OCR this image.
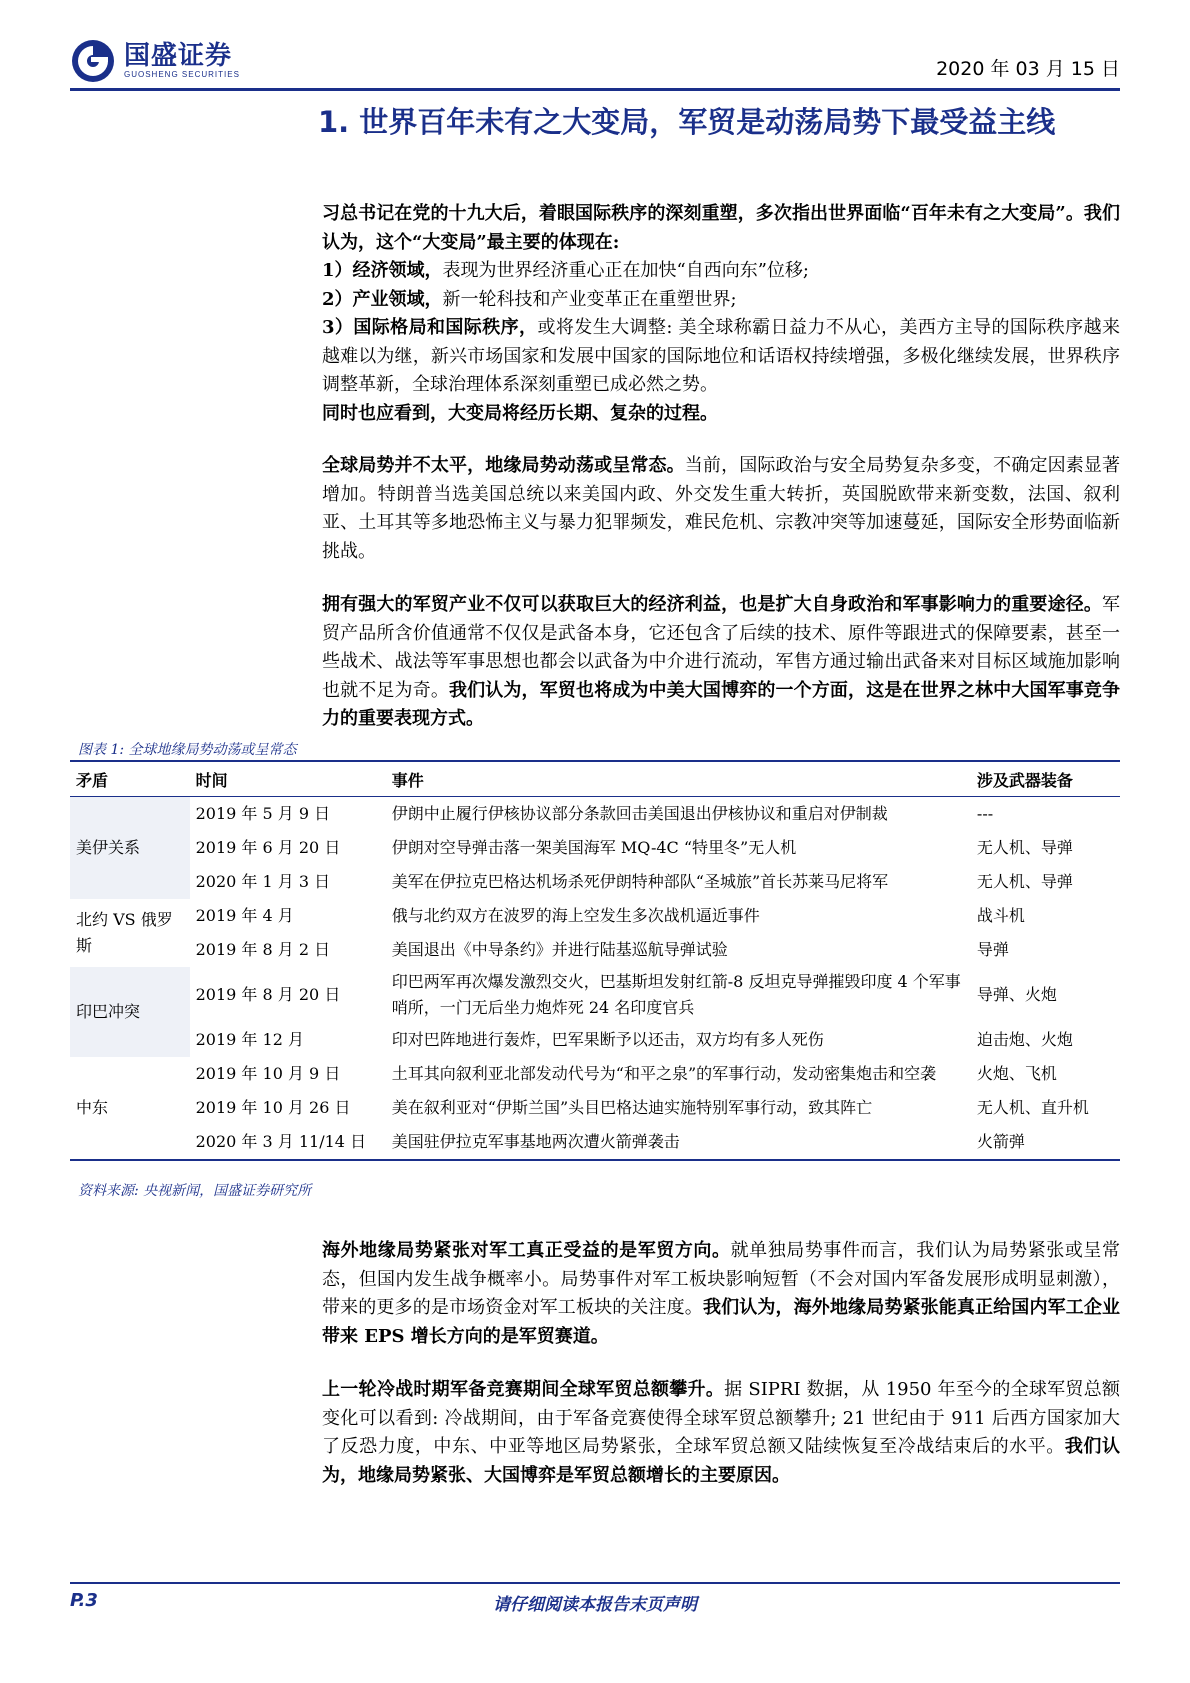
国盛证券
GUOSHENG SECURITIES	2020 年 03 月 15 日
1. 世界百年未有之大变局，军贸是动荡局势下最受益主线

习总书记在党的十九大后，着眼国际秩序的深刻重塑，多次指出世界面临“百年未有之大变局”。我们认为，这个“大变局”最主要的体现在:

1）经济领域，表现为世界经济重心正在加快“自西向东”位移;

2）产业领域，新一轮科技和产业变革正在重塑世界;

3）国际格局和国际秩序，或将发生大调整: 美全球称霸日益力不从心，美西方主导的国际秩序越来越难以为继，新兴市场国家和发展中国家的国际地位和话语权持续增强，多极化继续发展，世界秩序调整革新，全球治理体系深刻重塑已成必然之势。

同时也应看到，大变局将经历长期、复杂的过程。

全球局势并不太平，地缘局势动荡或呈常态。当前，国际政治与安全局势复杂多变，不确定因素显著增加。特朗普当选美国总统以来美国内政、外交发生重大转折，英国脱欧带来新变数，法国、叙利亚、土耳其等多地恐怖主义与暴力犯罪频发，难民危机、宗教冲突等加速蔓延，国际安全形势面临新挑战。

拥有强大的军贸产业不仅可以获取巨大的经济利益，也是扩大自身政治和军事影响力的重要途径。军贸产品所含价值通常不仅仅是武备本身，它还包含了后续的技术、原件等跟进式的保障要素，甚至一些战术、战法等军事思想也都会以武备为中介进行流动，军售方通过输出武备来对目标区域施加影响也就不足为奇。我们认为，军贸也将成为中美大国博弈的一个方面，这是在世界之林中大国军事竞争力的重要表现方式。

图表 1: 全球地缘局势动荡或呈常态
矛盾	时间	事件	涉及武器装备
美伊关系	2019 年 5 月 9 日	伊朗中止履行伊核协议部分条款回击美国退出伊核协议和重启对伊制裁	---
	2019 年 6 月 20 日	伊朗对空导弹击落一架美国海军 MQ-4C “特里冬”无人机	无人机、导弹
	2020 年 1 月 3 日	美军在伊拉克巴格达机场杀死伊朗特种部队“圣城旅”首长苏莱马尼将军	无人机、导弹
北约 VS 俄罗斯	2019 年 4 月	俄与北约双方在波罗的海上空发生多次战机逼近事件	战斗机
	2019 年 8 月 2 日	美国退出《中导条约》并进行陆基巡航导弹试验	导弹
印巴冲突	2019 年 8 月 20 日	印巴两军再次爆发激烈交火，巴基斯坦发射红箭-8 反坦克导弹摧毁印度 4 个军事哨所，一门无后坐力炮炸死 24 名印度官兵	导弹、火炮
	2019 年 12 月	印对巴阵地进行轰炸，巴军果断予以还击，双方均有多人死伤	迫击炮、火炮
中东	2019 年 10 月 9 日	土耳其向叙利亚北部发动代号为“和平之泉”的军事行动，发动密集炮击和空袭	火炮、飞机
	2019 年 10 月 26 日	美在叙利亚对“伊斯兰国”头目巴格达迪实施特别军事行动，致其阵亡	无人机、直升机
	2020 年 3 月 11/14 日	美国驻伊拉克军事基地两次遭火箭弹袭击	火箭弹
资料来源: 央视新闻，国盛证券研究所

海外地缘局势紧张对军工真正受益的是军贸方向。就单独局势事件而言，我们认为局势紧张或呈常态，但国内发生战争概率小。局势事件对军工板块影响短暂（不会对国内军备发展形成明显刺激），带来的更多的是市场资金对军工板块的关注度。我们认为，海外地缘局势紧张能真正给国内军工企业带来 EPS 增长方向的是军贸赛道。

上一轮冷战时期军备竞赛期间全球军贸总额攀升。据 SIPRI 数据，从 1950 年至今的全球军贸总额变化可以看到: 冷战期间，由于军备竞赛使得全球军贸总额攀升; 21 世纪由于 911 后西方国家加大了反恐力度，中东、中亚等地区局势紧张，全球军贸总额又陆续恢复至冷战结束后的水平。我们认为，地缘局势紧张、大国博弈是军贸总额增长的主要原因。

P.3	请仔细阅读本报告末页声明
